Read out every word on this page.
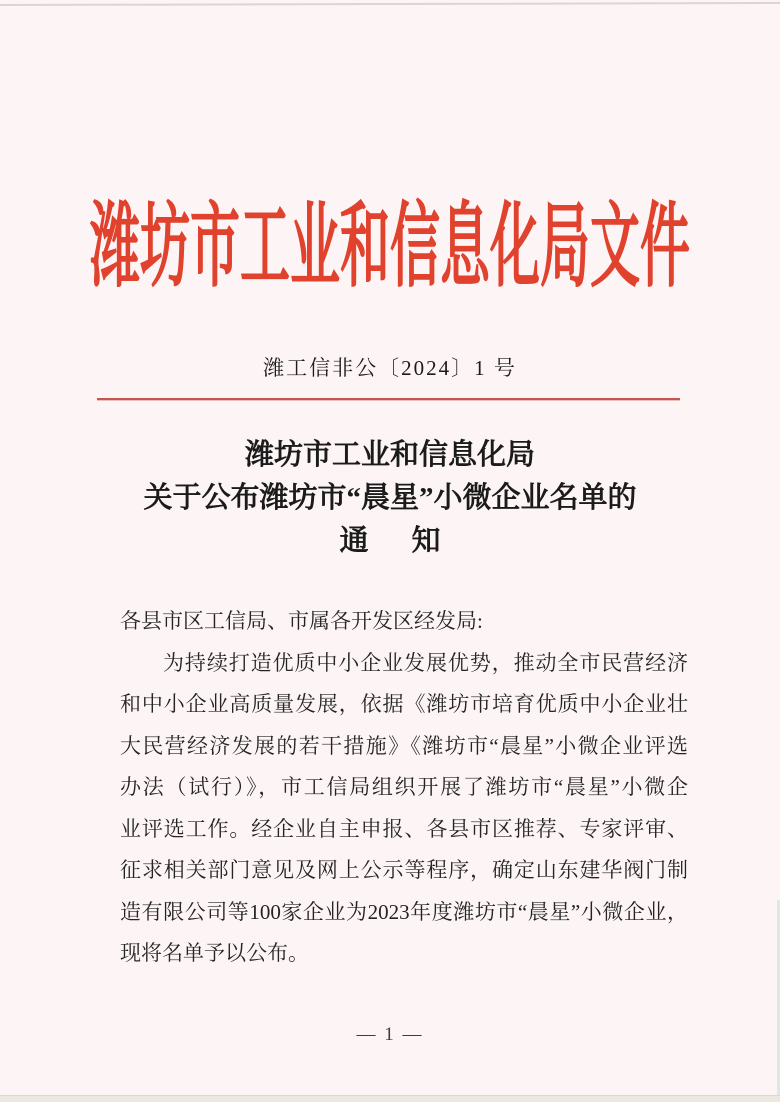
潍坊市工业和信息化局文件
潍工信非公〔2024〕1 号
潍坊市工业和信息化局
关于公布潍坊市“晨星”小微企业名单的
通　知
各县市区工信局、市属各开发区经发局:
为持续打造优质中小企业发展优势，推动全市民营经济
和中小企业高质量发展，依据《潍坊市培育优质中小企业壮
大民营经济发展的若干措施》《潍坊市“晨星”小微企业评选
办法（试行）》，市工信局组织开展了潍坊市“晨星”小微企
业评选工作。经企业自主申报、各县市区推荐、专家评审、
征求相关部门意见及网上公示等程序，确定山东建华阀门制
造有限公司等100家企业为2023年度潍坊市“晨星”小微企业，
现将名单予以公布。
— 1 —
